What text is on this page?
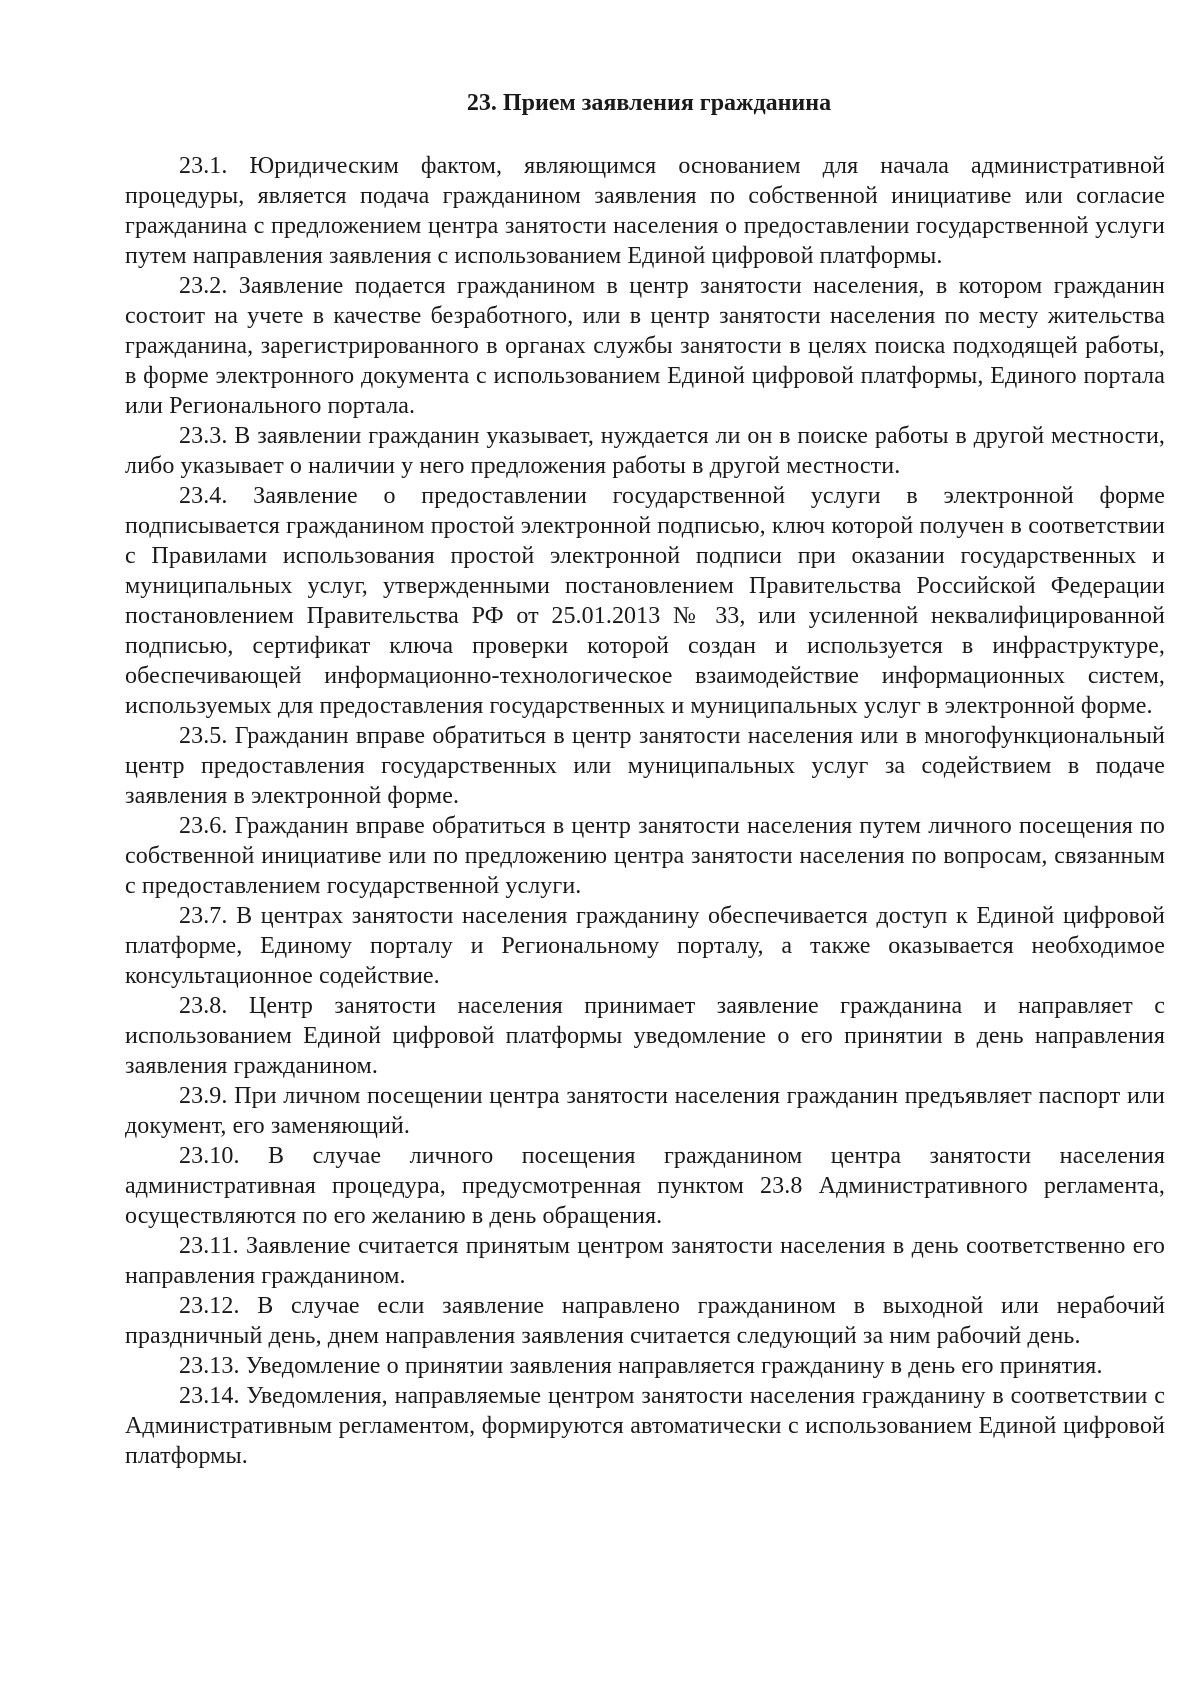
23. Прием заявления гражданина

23.1. Юридическим фактом, являющимся основанием для начала административной процедуры, является подача гражданином заявления по собственной инициативе или согласие гражданина с предложением центра занятости населения о предоставлении государственной услуги путем направления заявления с использованием Единой цифровой платформы.

23.2. Заявление подается гражданином в центр занятости населения, в котором гражданин состоит на учете в качестве безработного, или в центр занятости населения по месту жительства гражданина, зарегистрированного в органах службы занятости в целях поиска подходящей работы, в форме электронного документа с использованием Единой цифровой платформы, Единого портала или Регионального портала.

23.3. В заявлении гражданин указывает, нуждается ли он в поиске работы в другой местности, либо указывает о наличии у него предложения работы в другой местности.

23.4. Заявление о предоставлении государственной услуги в электронной форме подписывается гражданином простой электронной подписью, ключ которой получен в соответствии с Правилами использования простой электронной подписи при оказании государственных и муниципальных услуг, утвержденными постановлением Правительства Российской Федерации постановлением Правительства РФ от 25.01.2013 № 33, или усиленной неквалифицированной подписью, сертификат ключа проверки которой создан и используется в инфраструктуре, обеспечивающей информационно-технологическое взаимодействие информационных систем, используемых для предоставления государственных и муниципальных услуг в электронной форме.

23.5. Гражданин вправе обратиться в центр занятости населения или в многофункциональный центр предоставления государственных или муниципальных услуг за содействием в подаче заявления в электронной форме.

23.6. Гражданин вправе обратиться в центр занятости населения путем личного посещения по собственной инициативе или по предложению центра занятости населения по вопросам, связанным с предоставлением государственной услуги.

23.7. В центрах занятости населения гражданину обеспечивается доступ к Единой цифровой платформе, Единому порталу и Региональному порталу, а также оказывается необходимое консультационное содействие.

23.8. Центр занятости населения принимает заявление гражданина и направляет с использованием Единой цифровой платформы уведомление о его принятии в день направления заявления гражданином.

23.9. При личном посещении центра занятости населения гражданин предъявляет паспорт или документ, его заменяющий.

23.10. В случае личного посещения гражданином центра занятости населения административная процедура, предусмотренная пунктом 23.8 Административного регламента, осуществляются по его желанию в день обращения.

23.11. Заявление считается принятым центром занятости населения в день соответственно его направления гражданином.

23.12. В случае если заявление направлено гражданином в выходной или нерабочий праздничный день, днем направления заявления считается следующий за ним рабочий день.

23.13. Уведомление о принятии заявления направляется гражданину в день его принятия.

23.14. Уведомления, направляемые центром занятости населения гражданину в соответствии с Административным регламентом, формируются автоматически с использованием Единой цифровой платформы.
